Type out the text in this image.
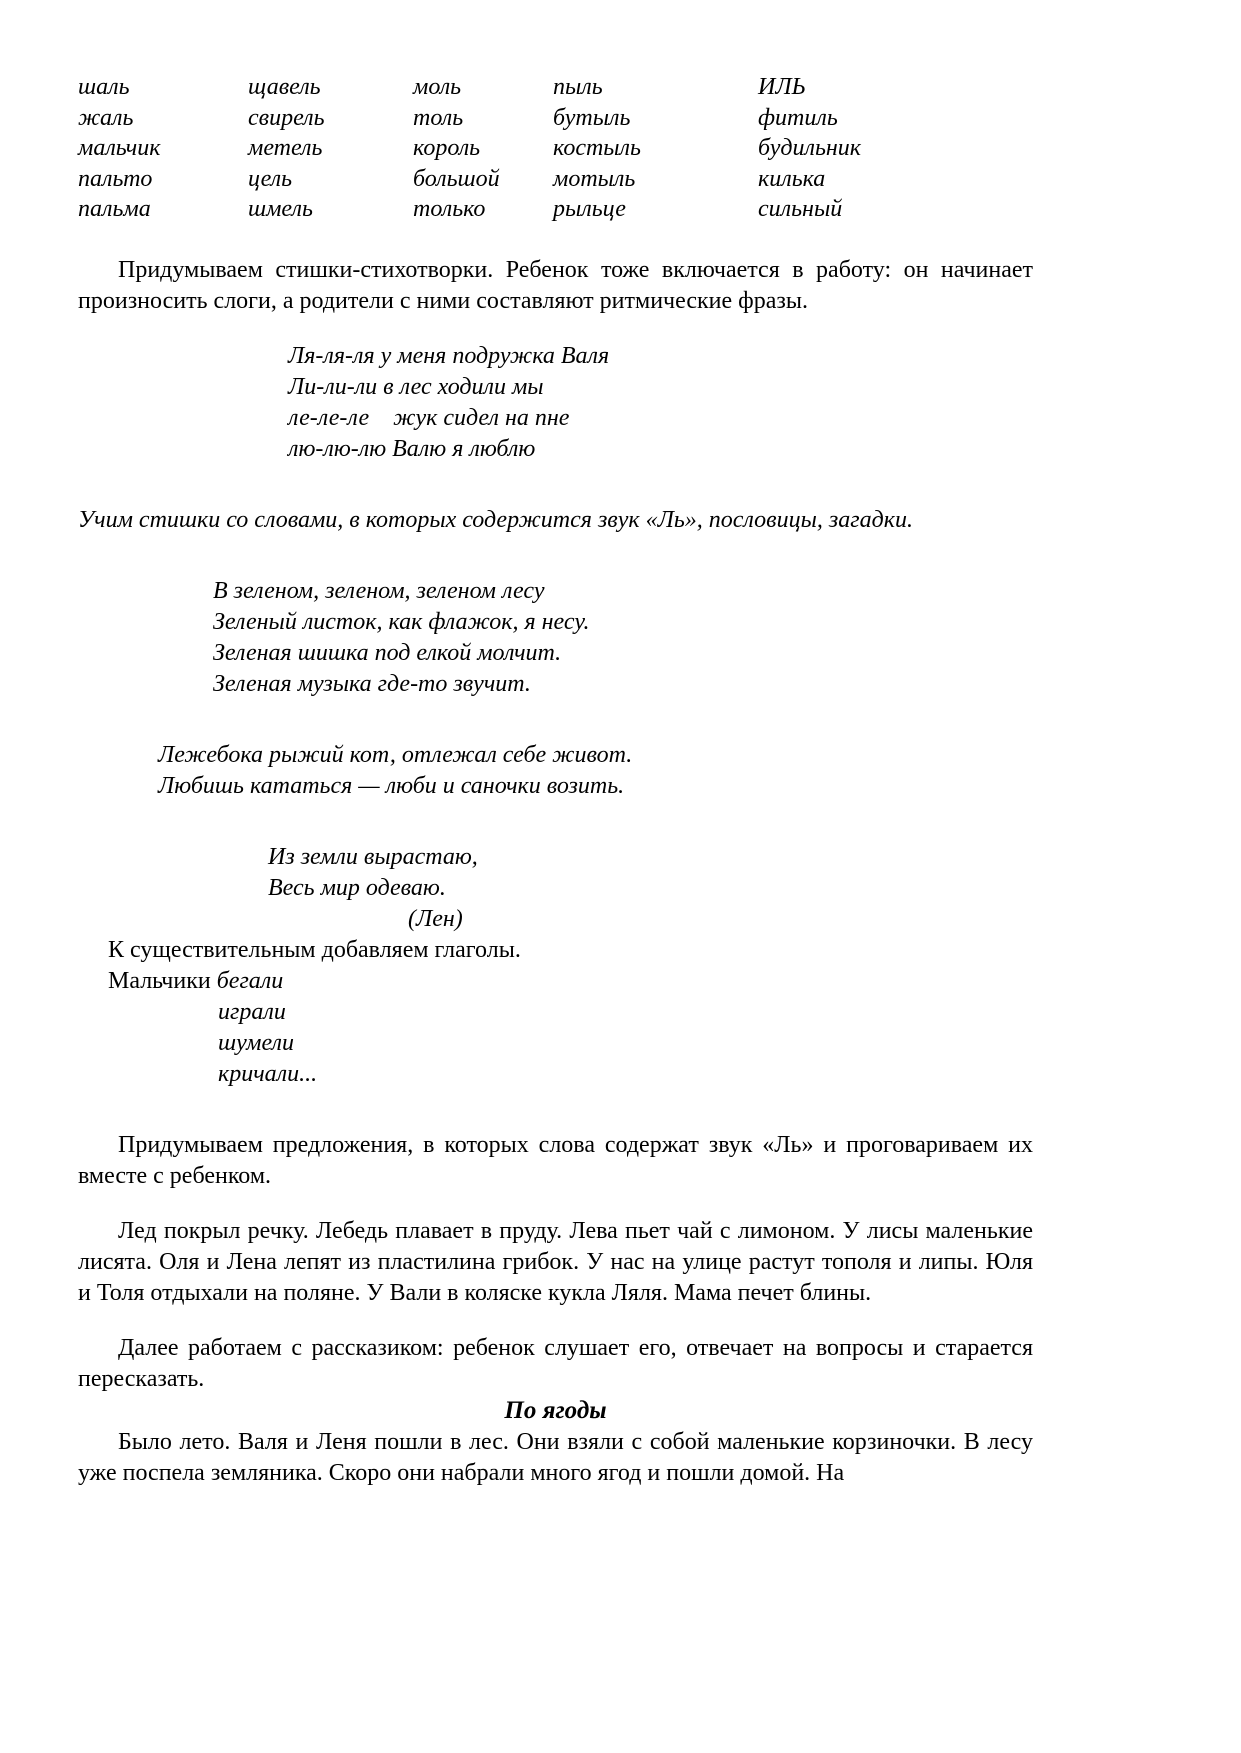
шаль	щавель	моль	пыль	ИЛЬ
жаль	свирель	толь	бутыль	фитиль
мальчик	метель	король	костыль	будильник
пальто	цель	большой	мотыль	килька
пальма	шмель	только	рыльце	сильный

Придумываем стишки-стихотворки. Ребенок тоже включается в работу: он начинает произносить слоги, а родители с ними составляют ритмические фразы.

Ля-ля-ля у меня подружка Валя
Ли-ли-ли в лес ходили мы
ле-ле-ле    жук сидел на пне
лю-лю-лю Валю я люблю

Учим стишки со словами, в которых содержится звук «Ль», пословицы, загадки.

В зеленом, зеленом, зеленом лесу
Зеленый листок, как флажок, я несу.
Зеленая шишка под елкой молчит.
Зеленая музыка где-то звучит.
Лежебока рыжий кот, отлежал себе живот.
Любишь кататься — люби и саночки возить.
Из земли вырастаю,
Весь мир одеваю.
(Лен)

К существительным добавляем глаголы.

Мальчики бегали

играли
шумели
кричали...

Придумываем предложения, в которых слова содержат звук «Ль» и проговариваем их вместе с ребенком.

Лед покрыл речку. Лебедь плавает в пруду. Лева пьет чай с лимоном. У лисы маленькие лисята. Оля и Лена лепят из пластилина грибок. У нас на улице растут тополя и липы. Юля и Толя отдыхали на поляне. У Вали в коляске кукла Ляля. Мама печет блины.

Далее работаем с рассказиком: ребенок слушает его, отвечает на вопросы и старается пересказать.

По ягоды

Было лето. Валя и Леня пошли в лес. Они взяли с собой маленькие корзиночки. В лесу уже поспела земляника. Скоро они набрали много ягод и пошли домой. На
